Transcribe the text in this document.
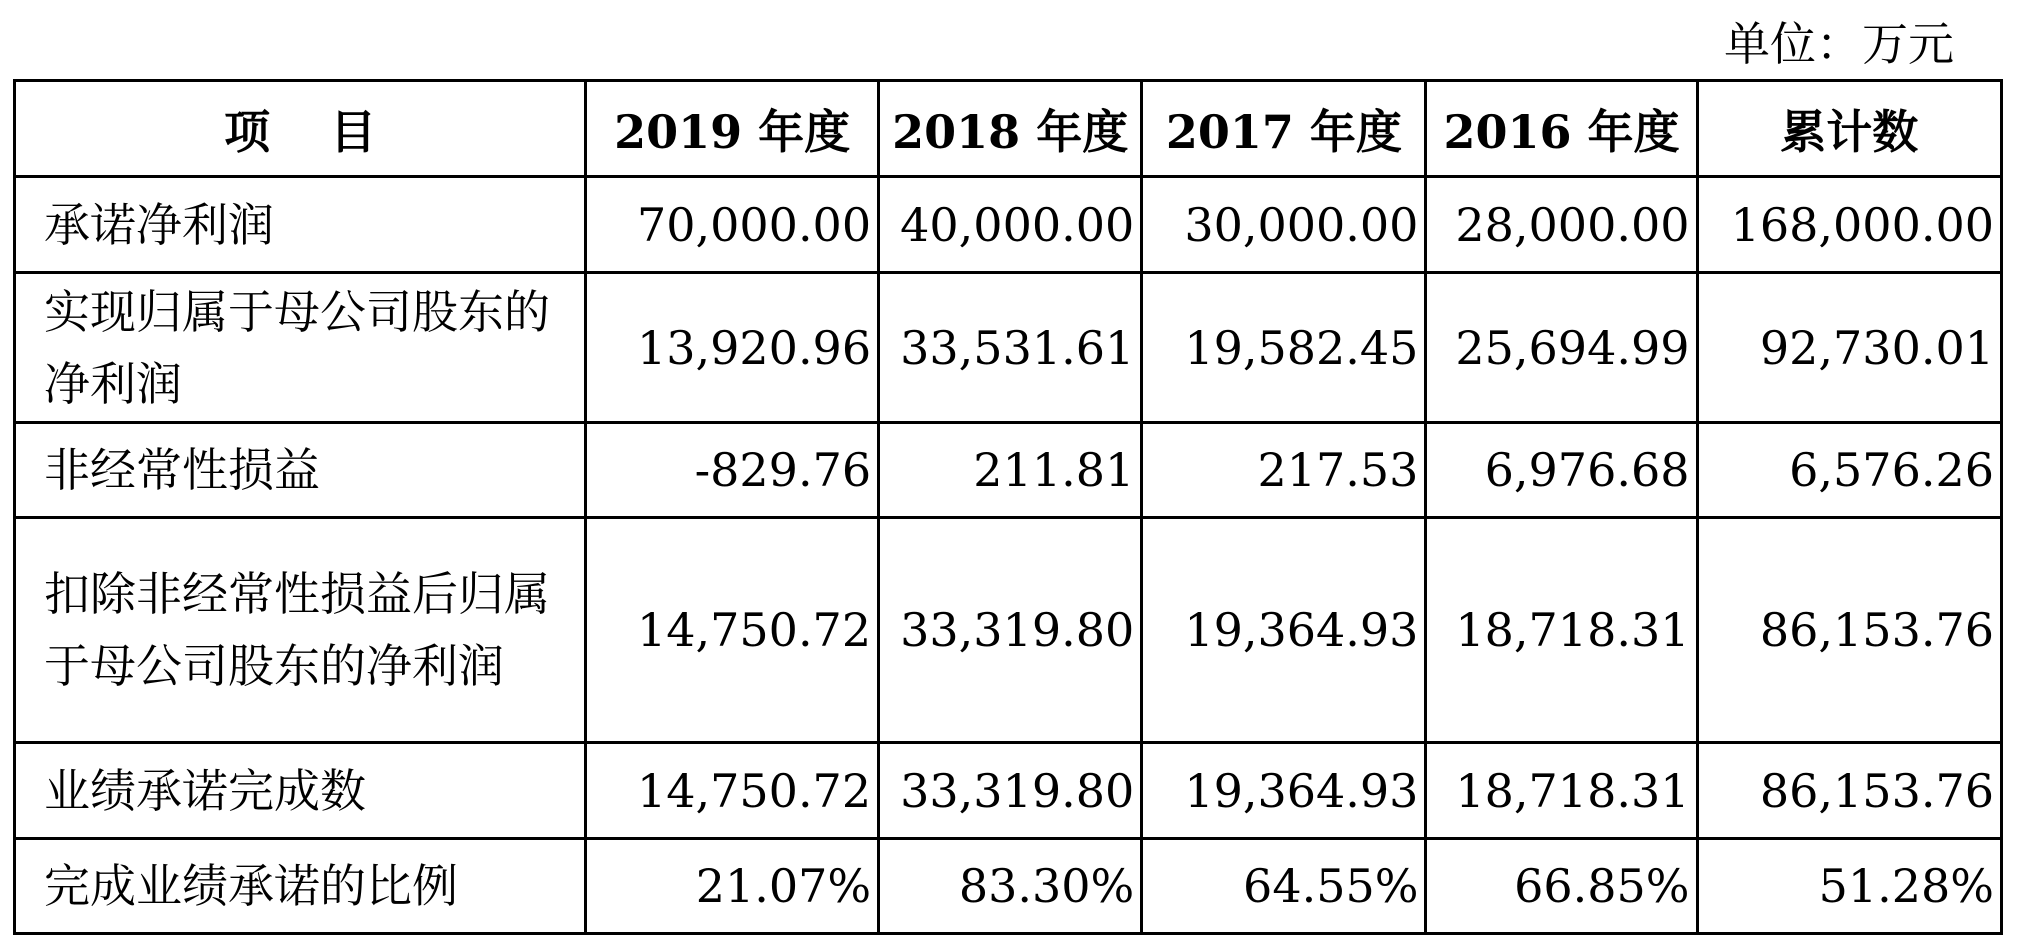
单位：万元
项目	2019 年度	2018 年度	2017 年度	2016 年度	累计数
承诺净利润	70,000.00	40,000.00	30,000.00	28,000.00	168,000.00
实现归属于母公司股东的净利润	13,920.96	33,531.61	19,582.45	25,694.99	92,730.01
非经常性损益	-829.76	211.81	217.53	6,976.68	6,576.26
扣除非经常性损益后归属于母公司股东的净利润	14,750.72	33,319.80	19,364.93	18,718.31	86,153.76
业绩承诺完成数	14,750.72	33,319.80	19,364.93	18,718.31	86,153.76
完成业绩承诺的比例	21.07%	83.30%	64.55%	66.85%	51.28%
